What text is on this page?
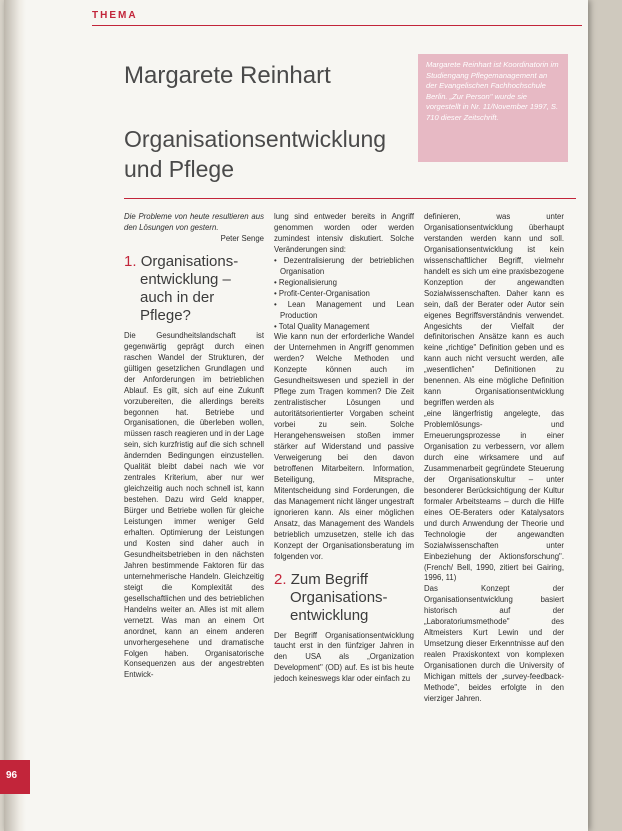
THEMA
Margarete Reinhart
Organisationsentwicklung
und Pflege

Margarete Reinhart ist Koordinatorin im Studiengang Pflegemanagement an der Evangelischen Fachhochschule Berlin. „Zur Person" wurde sie vorgestellt in Nr. 11/November 1997, S. 710 dieser Zeitschrift.

Die Probleme von heute resultieren aus den Lösungen von gestern.

Peter Senge

1. Organisations-
entwicklung –
auch in der
Pflege?

Die Gesundheitslandschaft ist gegenwärtig geprägt durch einen raschen Wandel der Strukturen, der gültigen gesetzlichen Grundlagen und der Anforderungen im betrieblichen Ablauf. Es gilt, sich auf eine Zukunft vorzubereiten, die allerdings bereits begonnen hat. Betriebe und Organisationen, die überleben wollen, müssen rasch reagieren und in der Lage sein, sich kurzfristig auf die sich schnell ändernden Bedingungen einzustellen. Qualität bleibt dabei nach wie vor zentrales Kriterium, aber nur wer gleichzeitig auch noch schnell ist, kann bestehen. Dazu wird Geld knapper, Bürger und Betriebe wollen für gleiche Leistungen immer weniger Geld erhalten. Optimierung der Leistungen und Kosten sind daher auch in Gesundheitsbetrieben in den nächsten Jahren bestimmende Faktoren für das unternehmerische Handeln. Gleichzeitig steigt die Komplexität des gesellschaftlichen und des betrieblichen Handelns weiter an. Alles ist mit allem vernetzt. Was man an einem Ort anordnet, kann an einem anderen unvorhergesehene und dramatische Folgen haben. Organisatorische Konsequenzen aus der angestrebten Entwick-

lung sind entweder bereits in Angriff genommen worden oder werden zumindest intensiv diskutiert. Solche Veränderungen sind:

• Dezentralisierung der betrieblichen Organisation

• Regionalisierung

• Profit-Center-Organisation

• Lean Management und Lean Production

• Total Quality Management

Wie kann nun der erforderliche Wandel der Unternehmen in Angriff genommen werden? Welche Methoden und Konzepte können auch im Gesundheitswesen und speziell in der Pflege zum Tragen kommen? Die Zeit zentralistischer Lösungen und autoritätsorientierter Vorgaben scheint vorbei zu sein. Solche Herangehensweisen stoßen immer stärker auf Widerstand und passive Verweigerung bei den davon betroffenen Mitarbeitern. Information, Beteiligung, Mitsprache, Mitentscheidung sind Forderungen, die das Management nicht länger ungestraft ignorieren kann. Als einer möglichen Ansatz, das Management des Wandels betrieblich umzusetzen, stelle ich das Konzept der Organisationsberatung im folgenden vor.

2. Zum Begriff
Organisations-
entwicklung

Der Begriff Organisationsentwicklung taucht erst in den fünfziger Jahren in den USA als „Organization Development" (OD) auf. Es ist bis heute jedoch keineswegs klar oder einfach zu

definieren, was unter Organisationsentwicklung überhaupt verstanden werden kann und soll. Organisationsentwicklung ist kein wissenschaftlicher Begriff, vielmehr handelt es sich um eine praxisbezogene Konzeption der angewandten Sozialwissenschaften. Daher kann es sein, daß der Berater oder Autor sein eigenes Begriffsverständnis verwendet. Angesichts der Vielfalt der definitorischen Ansätze kann es auch keine „richtige" Definition geben und es kann auch nicht versucht werden, alle „wesentlichen" Definitionen zu benennen. Als eine mögliche Definition kann Organisationsentwicklung begriffen werden als

„eine längerfristig angelegte, das Problemlösungs- und Erneuerungsprozesse in einer Organisation zu verbessern, vor allem durch eine wirksamere und auf Zusammenarbeit gegründete Steuerung der Organisationskultur – unter besonderer Berücksichtigung der Kultur formaler Arbeitsteams – durch die Hilfe eines OE-Beraters oder Katalysators und durch Anwendung der Theorie und Technologie der angewandten Sozialwissenschaften unter Einbeziehung der Aktionsforschung". (French/ Bell, 1990, zitiert bei Gairing, 1996, 11)

Das Konzept der Organisationsentwicklung basiert historisch auf der „Laboratoriumsmethode" des Altmeisters Kurt Lewin und der Umsetzung dieser Erkenntnisse auf den realen Praxiskontext von komplexen Organisationen durch die University of Michigan mittels der „survey-feedback-Methode", beides erfolgte in den vierziger Jahren.

96
